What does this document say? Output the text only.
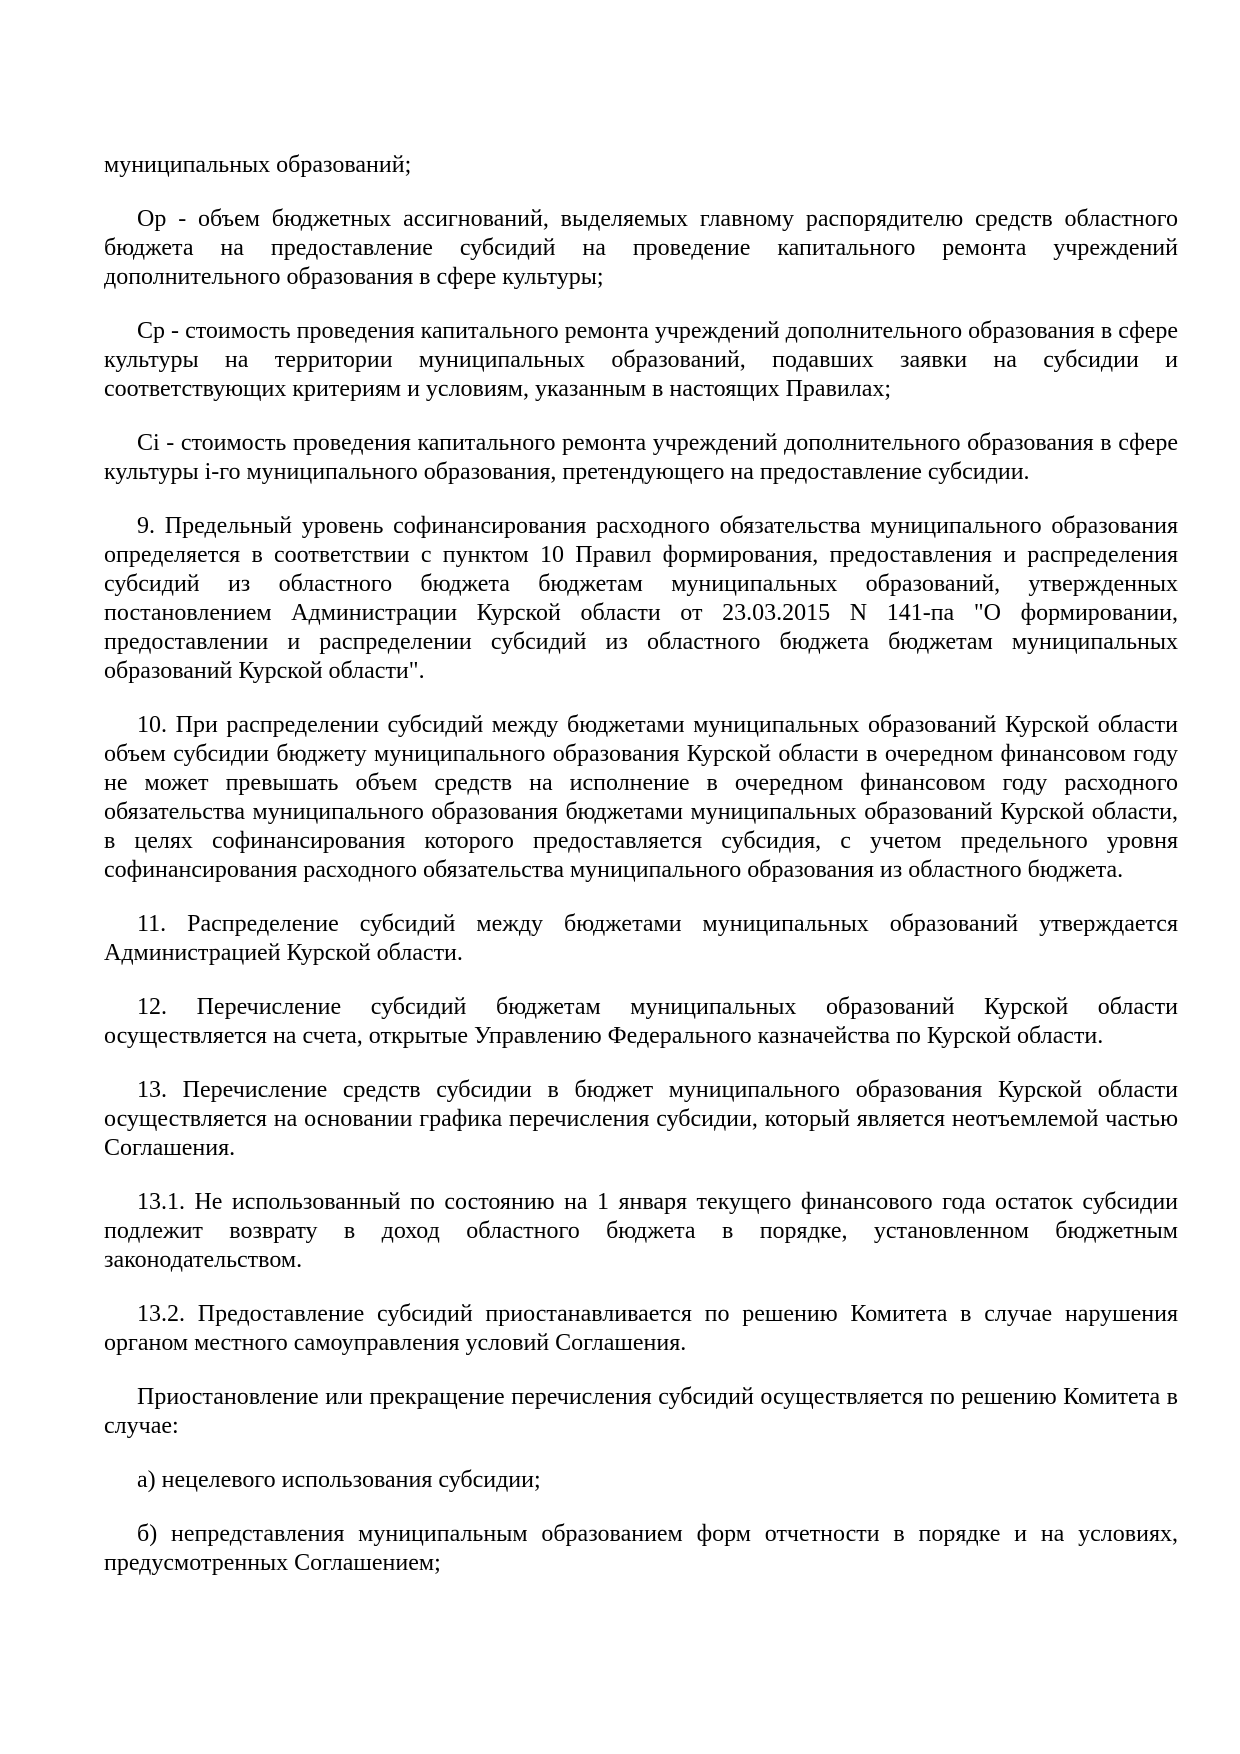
муниципальных образований;

Ор - объем бюджетных ассигнований, выделяемых главному распорядителю средств областного бюджета на предоставление субсидий на проведение капитального ремонта учреждений дополнительного образования в сфере культуры;

Ср - стоимость проведения капитального ремонта учреждений дополнительного образования в сфере культуры на территории муниципальных образований, подавших заявки на субсидии и соответствующих критериям и условиям, указанным в настоящих Правилах;

Ci - стоимость проведения капитального ремонта учреждений дополнительного образования в сфере культуры i-го муниципального образования, претендующего на предоставление субсидии.

9. Предельный уровень софинансирования расходного обязательства муниципального образования определяется в соответствии с пунктом 10 Правил формирования, предоставления и распределения субсидий из областного бюджета бюджетам муниципальных образований, утвержденных постановлением Администрации Курской области от 23.03.2015 N 141-па "О формировании, предоставлении и распределении субсидий из областного бюджета бюджетам муниципальных образований Курской области".

10. При распределении субсидий между бюджетами муниципальных образований Курской области объем субсидии бюджету муниципального образования Курской области в очередном финансовом году не может превышать объем средств на исполнение в очередном финансовом году расходного обязательства муниципального образования бюджетами муниципальных образований Курской области, в целях софинансирования которого предоставляется субсидия, с учетом предельного уровня софинансирования расходного обязательства муниципального образования из областного бюджета.

11. Распределение субсидий между бюджетами муниципальных образований утверждается Администрацией Курской области.

12. Перечисление субсидий бюджетам муниципальных образований Курской области осуществляется на счета, открытые Управлению Федерального казначейства по Курской области.

13. Перечисление средств субсидии в бюджет муниципального образования Курской области осуществляется на основании графика перечисления субсидии, который является неотъемлемой частью Соглашения.

13.1. Не использованный по состоянию на 1 января текущего финансового года остаток субсидии подлежит возврату в доход областного бюджета в порядке, установленном бюджетным законодательством.

13.2. Предоставление субсидий приостанавливается по решению Комитета в случае нарушения органом местного самоуправления условий Соглашения.

Приостановление или прекращение перечисления субсидий осуществляется по решению Комитета в случае:

а) нецелевого использования субсидии;

б) непредставления муниципальным образованием форм отчетности в порядке и на условиях, предусмотренных Соглашением;
